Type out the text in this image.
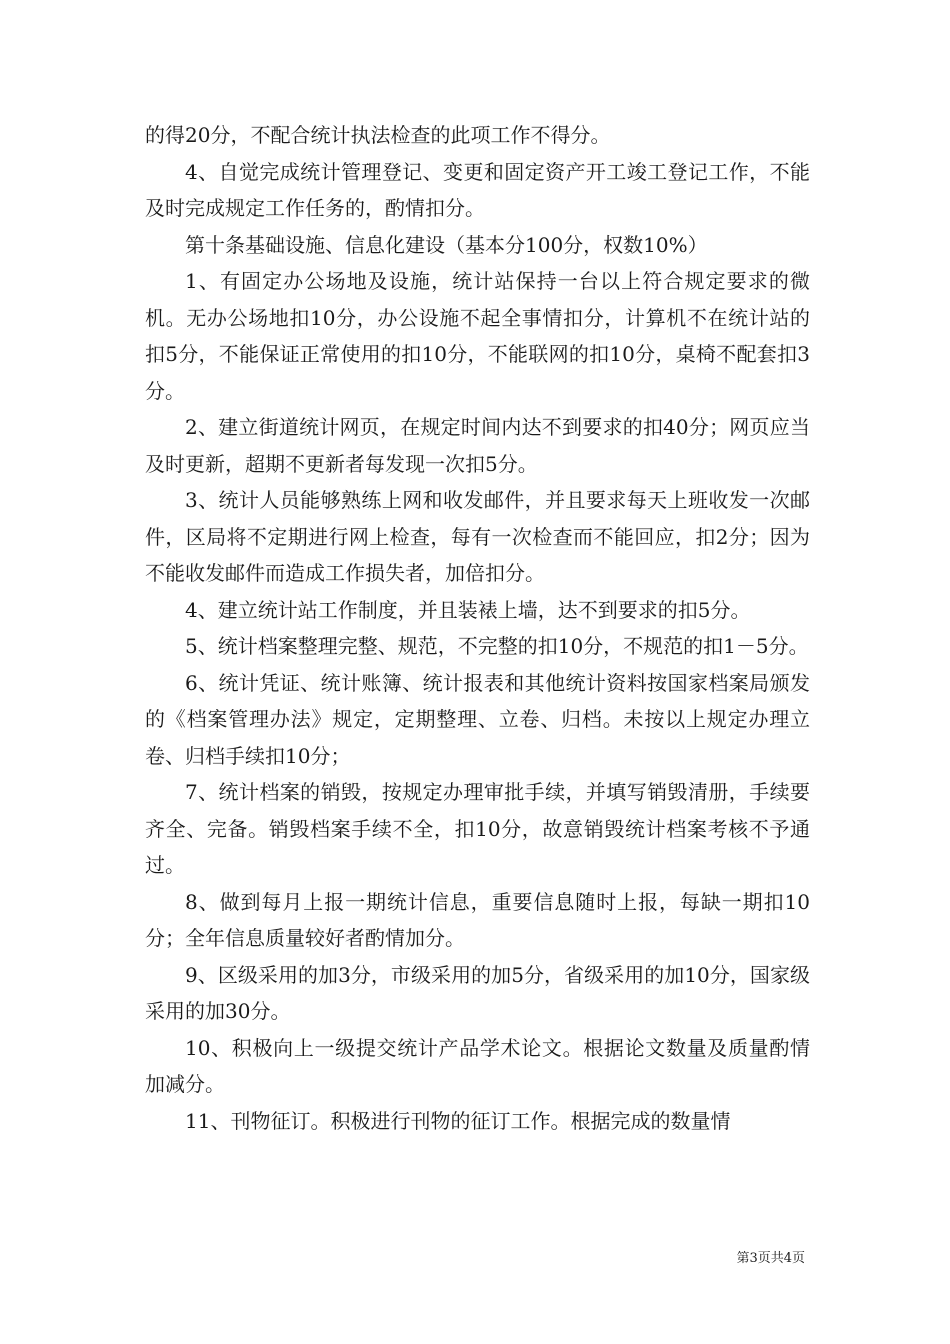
的得20分，不配合统计执法检查的此项工作不得分。

4、自觉完成统计管理登记、变更和固定资产开工竣工登记工作，不能及时完成规定工作任务的，酌情扣分。

第十条基础设施、信息化建设（基本分100分，权数10%）

1、有固定办公场地及设施，统计站保持一台以上符合规定要求的微机。无办公场地扣10分，办公设施不起全事情扣分，计算机不在统计站的扣5分，不能保证正常使用的扣10分，不能联网的扣10分，桌椅不配套扣3分。

2、建立街道统计网页，在规定时间内达不到要求的扣40分；网页应当及时更新，超期不更新者每发现一次扣5分。

3、统计人员能够熟练上网和收发邮件，并且要求每天上班收发一次邮件，区局将不定期进行网上检查，每有一次检查而不能回应，扣2分；因为不能收发邮件而造成工作损失者，加倍扣分。

4、建立统计站工作制度，并且装裱上墙，达不到要求的扣5分。

5、统计档案整理完整、规范，不完整的扣10分，不规范的扣1－5分。

6、统计凭证、统计账簿、统计报表和其他统计资料按国家档案局颁发的《档案管理办法》规定，定期整理、立卷、归档。未按以上规定办理立卷、归档手续扣10分；

7、统计档案的销毁，按规定办理审批手续，并填写销毁清册，手续要齐全、完备。销毁档案手续不全，扣10分，故意销毁统计档案考核不予通过。

8、做到每月上报一期统计信息，重要信息随时上报，每缺一期扣10分；全年信息质量较好者酌情加分。

9、区级采用的加3分，市级采用的加5分，省级采用的加10分，国家级采用的加30分。

10、积极向上一级提交统计产品学术论文。根据论文数量及质量酌情加减分。

11、刊物征订。积极进行刊物的征订工作。根据完成的数量情

第3页共4页
